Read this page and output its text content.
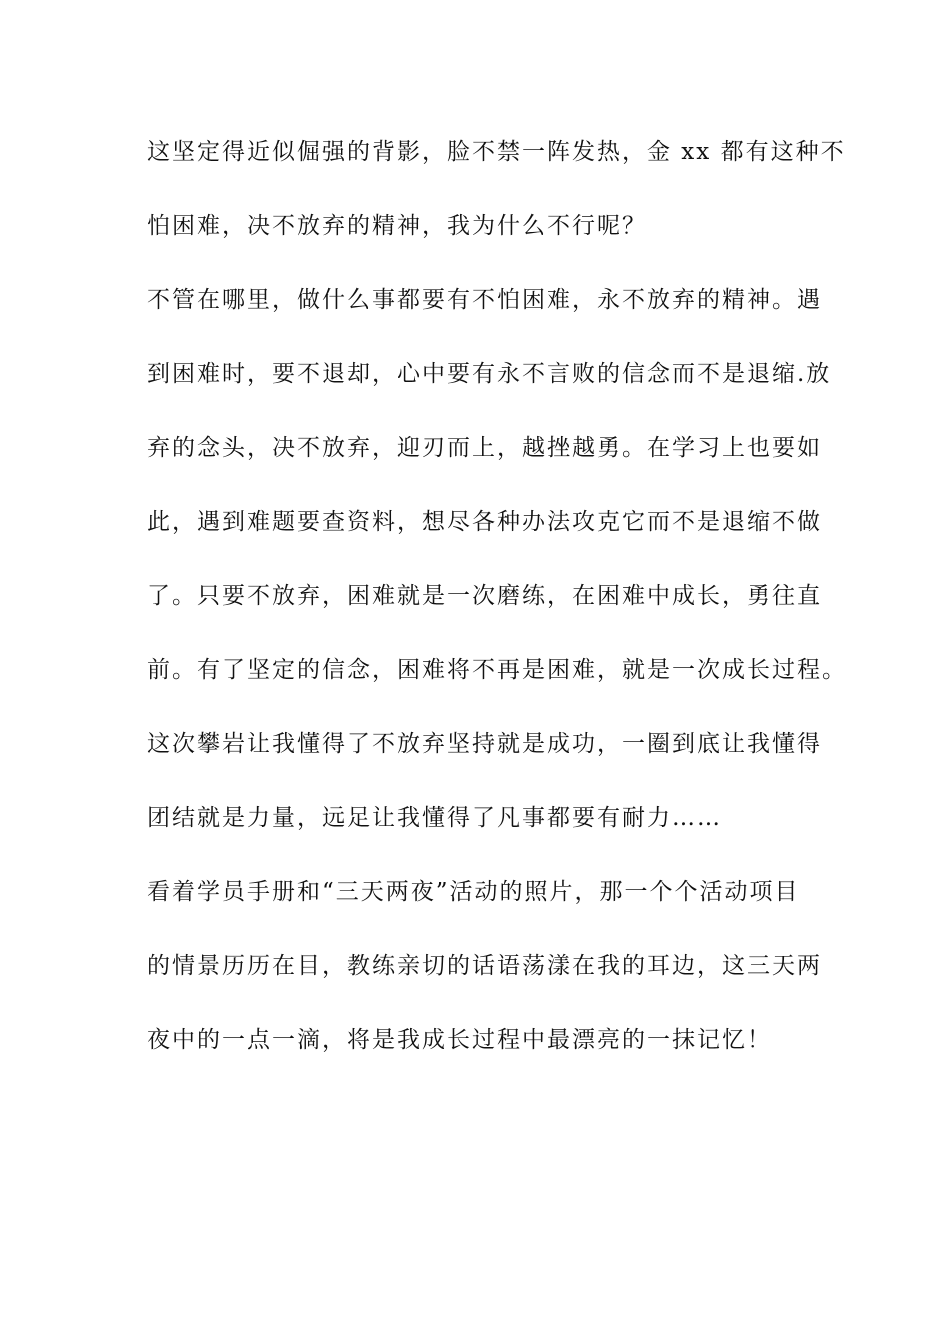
这坚定得近似倔强的背影，脸不禁一阵发热，金 xx 都有这种不
怕困难，决不放弃的精神，我为什么不行呢？
不管在哪里，做什么事都要有不怕困难，永不放弃的精神。遇
到困难时，要不退却，心中要有永不言败的信念而不是退缩.放
弃的念头，决不放弃，迎刃而上，越挫越勇。在学习上也要如
此，遇到难题要查资料，想尽各种办法攻克它而不是退缩不做
了。只要不放弃，困难就是一次磨练，在困难中成长，勇往直
前。有了坚定的信念，困难将不再是困难，就是一次成长过程。
这次攀岩让我懂得了不放弃坚持就是成功，一圈到底让我懂得
团结就是力量，远足让我懂得了凡事都要有耐力……
看着学员手册和“三天两夜”活动的照片，那一个个活动项目
的情景历历在目，教练亲切的话语荡漾在我的耳边，这三天两
夜中的一点一滴，将是我成长过程中最漂亮的一抹记忆！
